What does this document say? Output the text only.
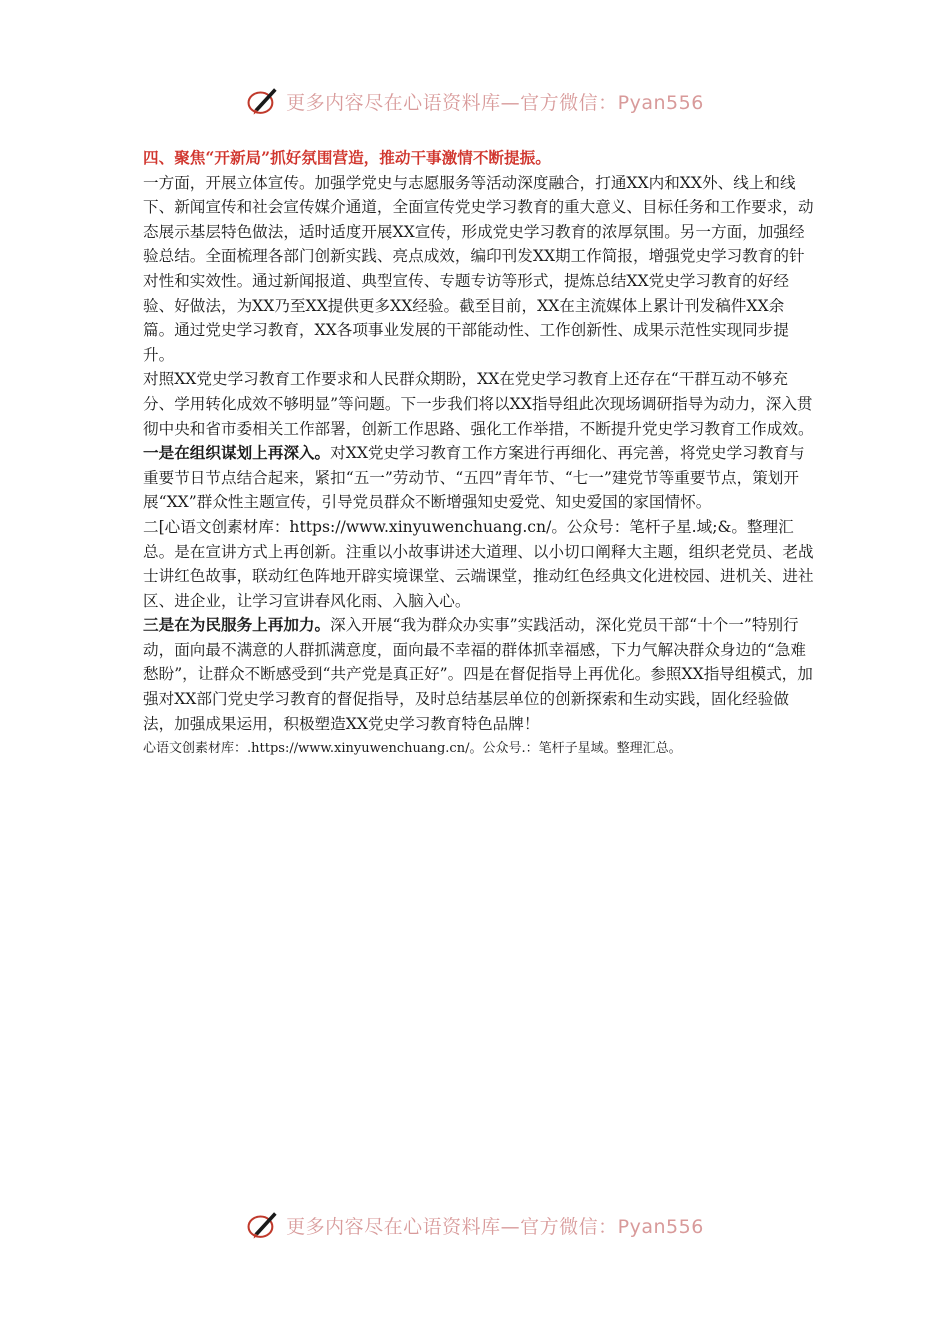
更多内容尽在心语资料库—官方微信：Pyan556

四、聚焦“开新局”抓好氛围营造，推动干事激情不断提振。

一方面，开展立体宣传。加强学党史与志愿服务等活动深度融合，打通XX内和XX外、线上和线下、新闻宣传和社会宣传媒介通道，全面宣传党史学习教育的重大意义、目标任务和工作要求，动态展示基层特色做法，适时适度开展XX宣传，形成党史学习教育的浓厚氛围。另一方面，加强经验总结。全面梳理各部门创新实践、亮点成效，编印刊发XX期工作简报，增强党史学习教育的针对性和实效性。通过新闻报道、典型宣传、专题专访等形式，提炼总结XX党史学习教育的好经验、好做法，为XX乃至XX提供更多XX经验。截至目前，XX在主流媒体上累计刊发稿件XX余篇。通过党史学习教育，XX各项事业发展的干部能动性、工作创新性、成果示范性实现同步提升。

对照XX党史学习教育工作要求和人民群众期盼，XX在党史学习教育上还存在“干群互动不够充分、学用转化成效不够明显”等问题。下一步我们将以XX指导组此次现场调研指导为动力，深入贯彻中央和省市委相关工作部署，创新工作思路、强化工作举措，不断提升党史学习教育工作成效。

一是在组织谋划上再深入。对XX党史学习教育工作方案进行再细化、再完善，将党史学习教育与重要节日节点结合起来，紧扣“五一”劳动节、“五四”青年节、“七一”建党节等重要节点，策划开展“XX”群众性主题宣传，引导党员群众不断增强知史爱党、知史爱国的家国情怀。

二[心语文创素材库：https://www.xinyuwenchuang.cn/。公众号：笔杆子星.域;&。整理汇总。是在宣讲方式上再创新。注重以小故事讲述大道理、以小切口阐释大主题，组织老党员、老战士讲红色故事，联动红色阵地开辟实境课堂、云端课堂，推动红色经典文化进校园、进机关、进社区、进企业，让学习宣讲春风化雨、入脑入心。

三是在为民服务上再加力。深入开展“我为群众办实事”实践活动，深化党员干部“十个一”特别行动，面向最不满意的人群抓满意度，面向最不幸福的群体抓幸福感，下力气解决群众身边的“急难愁盼”，让群众不断感受到“共产党是真正好”。四是在督促指导上再优化。参照XX指导组模式，加强对XX部门党史学习教育的督促指导，及时总结基层单位的创新探索和生动实践，固化经验做法，加强成果运用，积极塑造XX党史学习教育特色品牌！

心语文创素材库：.https://www.xinyuwenchuang.cn/。公众号.：笔杆子星域。整理汇总。

更多内容尽在心语资料库—官方微信：Pyan556
